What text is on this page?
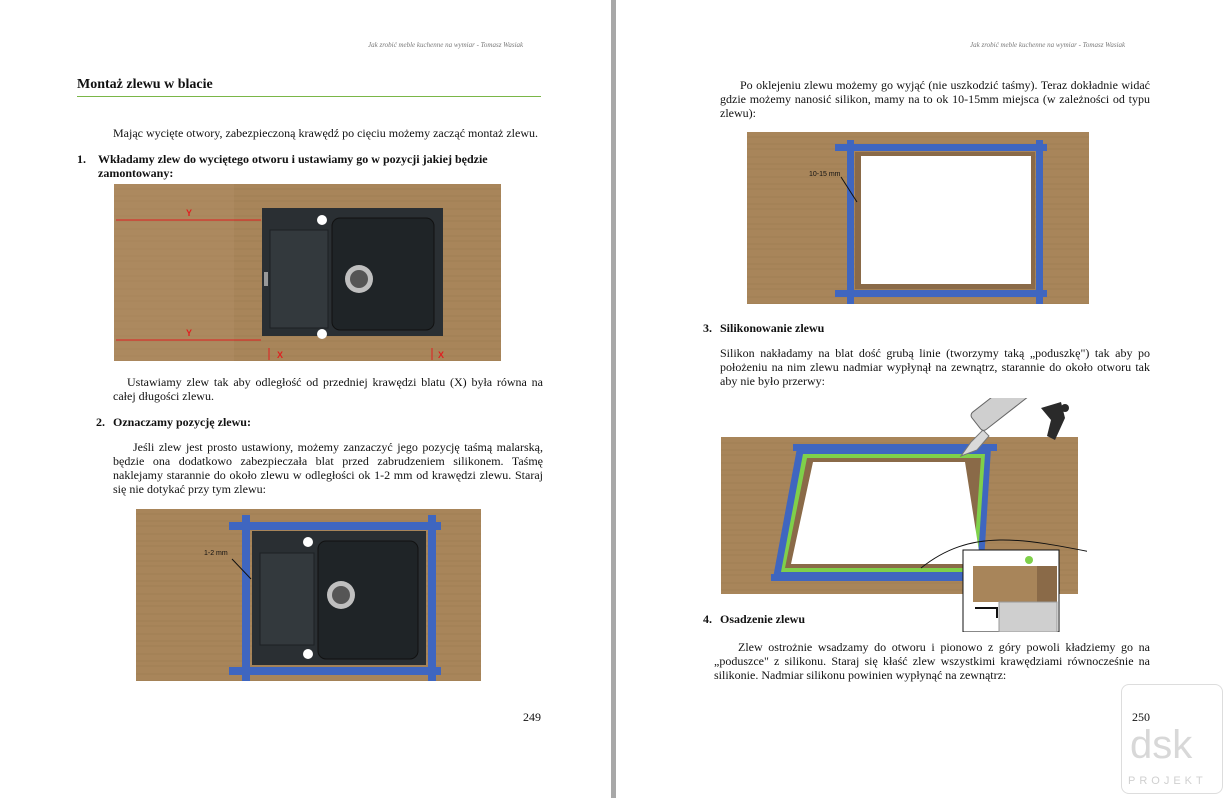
Jak zrobić meble kuchenne na wymiar - Tomasz Wasiak
Montaż zlewu w blacie
Mając wycięte otwory, zabezpieczoną krawędź po cięciu możemy zacząć montaż zlewu.
1. Wkładamy zlew do wyciętego otworu i ustawiamy go w pozycji jakiej będzie zamontowany:
Y
Y
X	X
Ustawiamy zlew tak aby odległość od przedniej krawędzi blatu (X) była równa na całej długości zlewu.
2. Oznaczamy pozycję zlewu:
Jeśli zlew jest prosto ustawiony, możemy zanzaczyć jego pozycję taśmą malarską, będzie ona dodatkowo zabezpieczała blat przed zabrudzeniem silikonem. Taśmę naklejamy starannie do około zlewu w odległości ok 1-2 mm od krawędzi zlewu. Staraj się nie dotykać przy tym zlewu:
1-2 mm
249
Jak zrobić meble kuchenne na wymiar - Tomasz Wasiak
Po oklejeniu zlewu możemy go wyjąć (nie uszkodzić taśmy). Teraz dokładnie widać gdzie możemy nanosić silikon, mamy na to ok 10-15mm miejsca (w zależności od typu zlewu):
10-15 mm
3. Silikonowanie zlewu
Silikon nakładamy na blat dość grubą linie (tworzymy taką „poduszkę") tak aby po położeniu na nim zlewu nadmiar wypłynął na zewnątrz, starannie do około otworu tak aby nie było przerwy:
4. Osadzenie zlewu
Zlew ostrożnie wsadzamy do otworu i pionowo z góry powoli kładziemy go na „poduszce" z silikonu. Staraj się kłaść zlew wszystkimi krawędziami równocześnie na silikonie. Nadmiar silikonu powinien wypłynąć na zewnątrz:
250
dsk
PROJEKT
